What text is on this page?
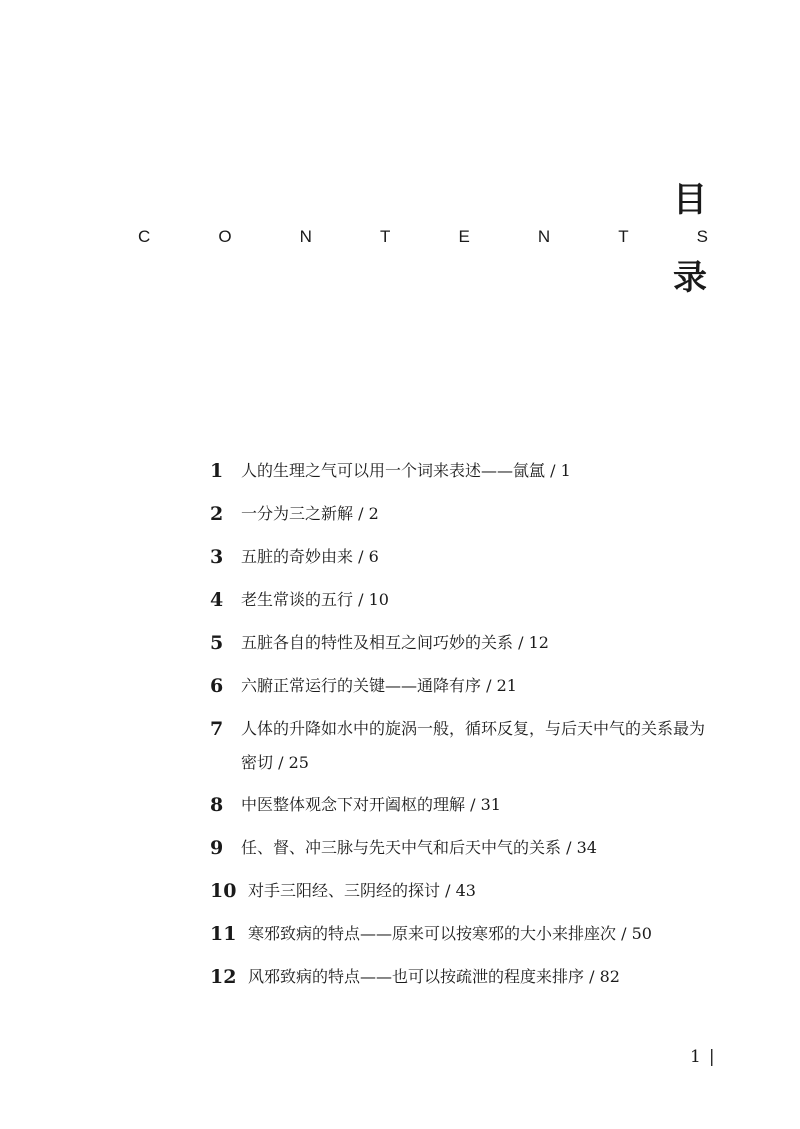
目
C	O	N	T	E	N	T	S
录
1 人的生理之气可以用一个词来表述——氤氲 / 1
2 一分为三之新解 / 2
3 五脏的奇妙由来 / 6
4 老生常谈的五行 / 10
5 五脏各自的特性及相互之间巧妙的关系 / 12
6 六腑正常运行的关键——通降有序 / 21
7 人体的升降如水中的旋涡一般，循环反复，与后天中气的关系最为密切 / 25
8 中医整体观念下对开阖枢的理解 / 31
9 任、督、冲三脉与先天中气和后天中气的关系 / 34
10 对手三阳经、三阴经的探讨 / 43
11 寒邪致病的特点——原来可以按寒邪的大小来排座次 / 50
12 风邪致病的特点——也可以按疏泄的程度来排序 / 82
1 |
